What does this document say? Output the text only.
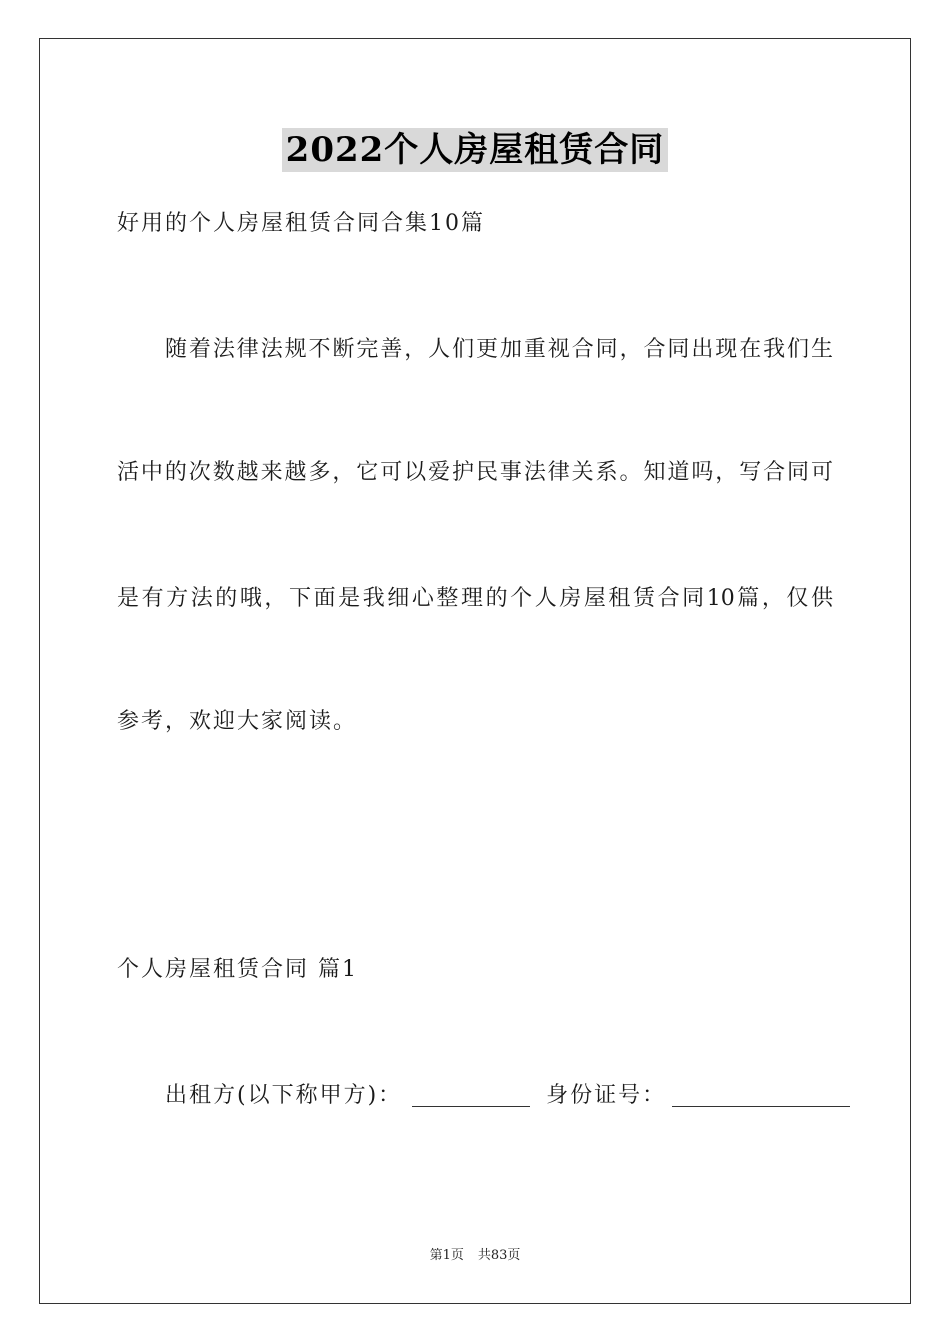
2022个人房屋租赁合同
好用的个人房屋租赁合同合集10篇
随着法律法规不断完善，人们更加重视合同，合同出现在我们生
活中的次数越来越多，它可以爱护民事法律关系。知道吗，写合同可
是有方法的哦，下面是我细心整理的个人房屋租赁合同10篇，仅供
参考，欢迎大家阅读。
个人房屋租赁合同 篇1
出租方(以下称甲方)：	身份证号：
第1页 共83页
